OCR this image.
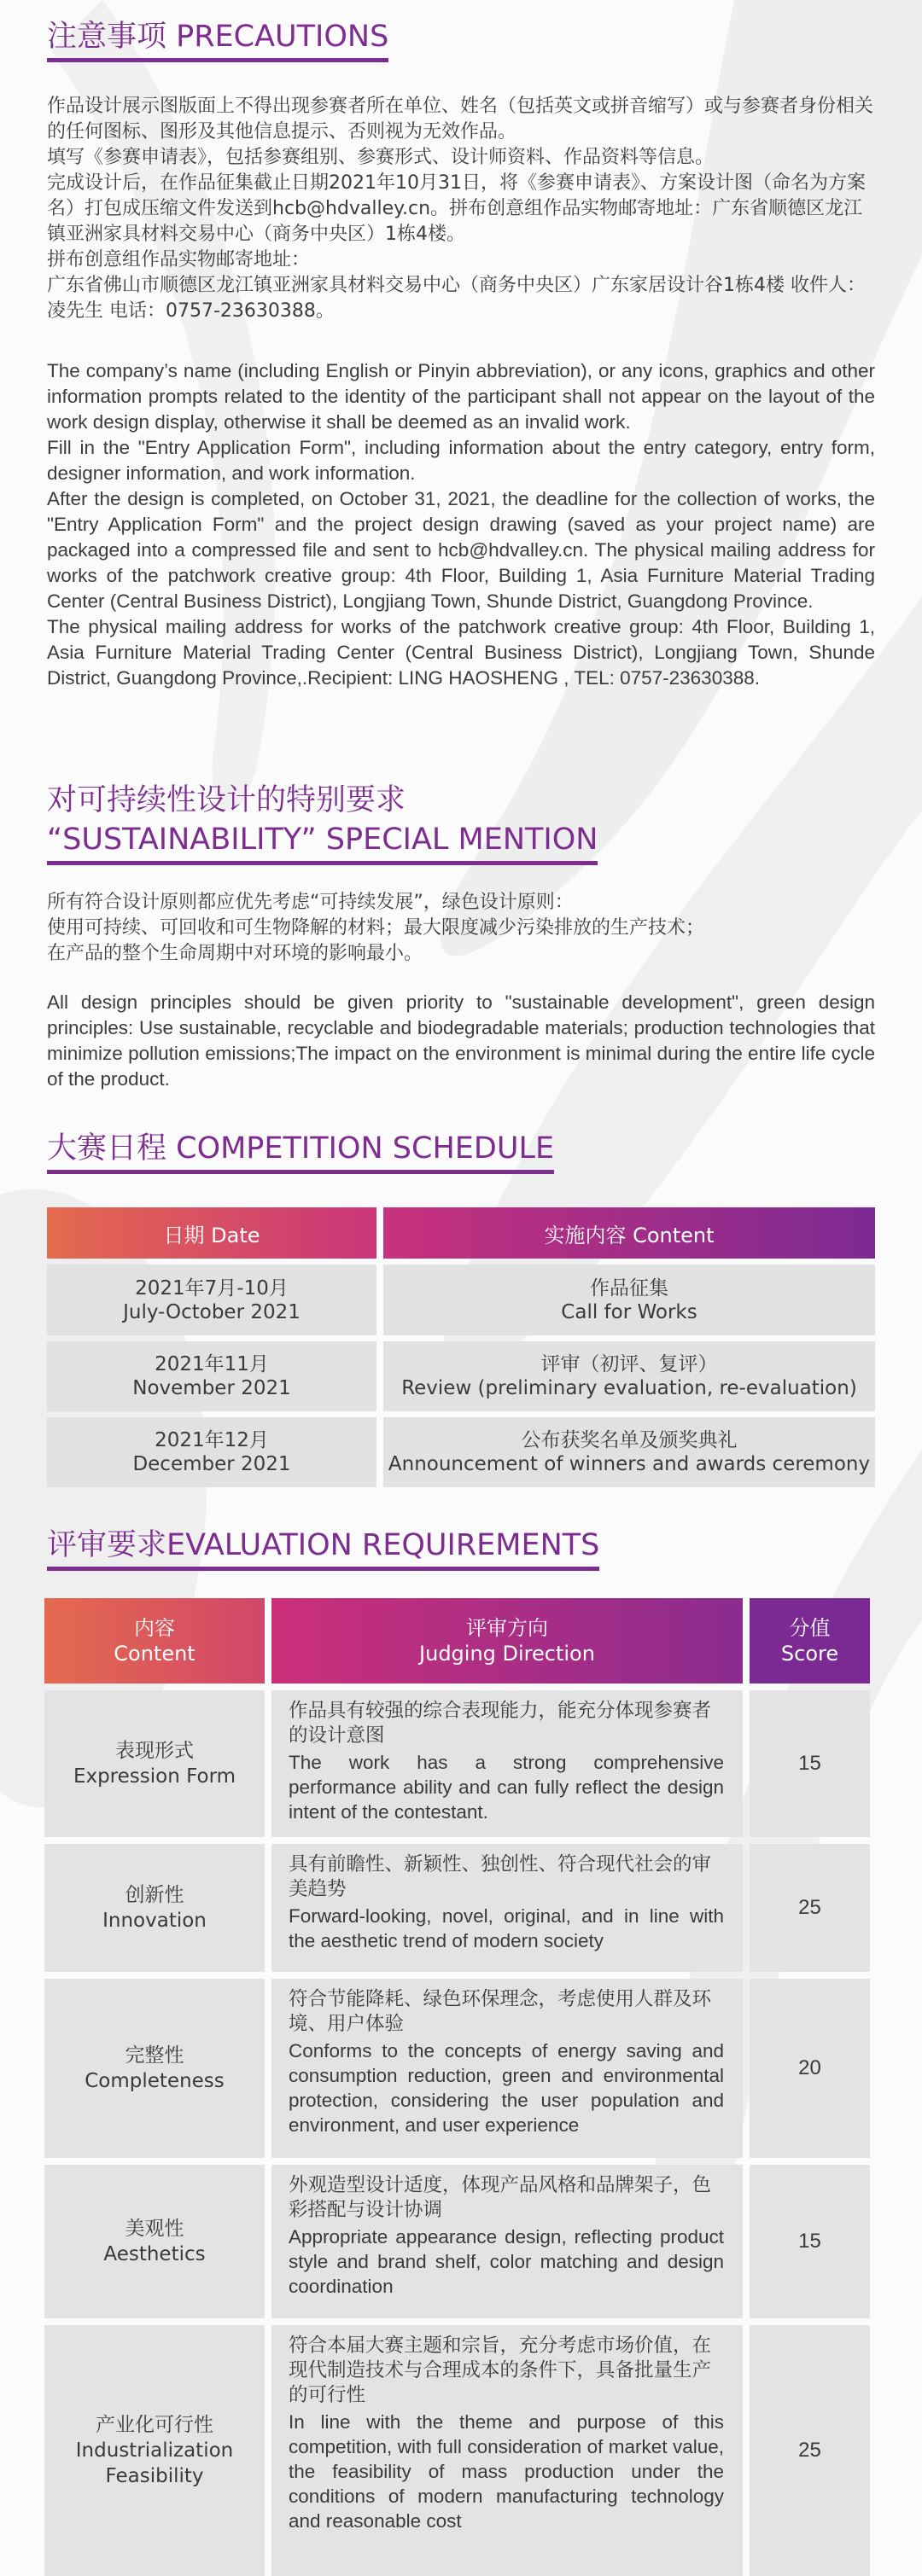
注意事项 PRECAUTIONS

作品设计展示图版面上不得出现参赛者所在单位、姓名（包括英文或拼音缩写）或与参赛者身份相关的任何图标、图形及其他信息提示、否则视为无效作品。

填写《参赛申请表》，包括参赛组别、参赛形式、设计师资料、作品资料等信息。

完成设计后，在作品征集截止日期2021年10月31日，将《参赛申请表》、方案设计图（命名为方案名）打包成压缩文件发送到hcb@hdvalley.cn。拼布创意组作品实物邮寄地址：广东省顺德区龙江镇亚洲家具材料交易中心（商务中央区）1栋4楼。

拼布创意组作品实物邮寄地址：

广东省佛山市顺德区龙江镇亚洲家具材料交易中心（商务中央区）广东家居设计谷1栋4楼 收件人：凌先生 电话：0757-23630388。

The company’s name (including English or Pinyin abbreviation), or any icons, graphics and other information prompts related to the identity of the participant shall not appear on the layout of the work design display, otherwise it shall be deemed as an invalid work.

Fill in the "Entry Application Form", including information about the entry category, entry form, designer information, and work information.

After the design is completed, on October 31, 2021, the deadline for the collection of works, the "Entry Application Form" and the project design drawing (saved as your project name) are packaged into a compressed file and sent to hcb@hdvalley.cn. The physical mailing address for works of the patchwork creative group: 4th Floor, Building 1, Asia Furniture Material Trading Center (Central Business District), Longjiang Town, Shunde District, Guangdong Province.

The physical mailing address for works of the patchwork creative group: 4th Floor, Building 1, Asia Furniture Material Trading Center (Central Business District), Longjiang Town, Shunde District, Guangdong Province,.Recipient: LING HAOSHENG , TEL: 0757-23630388.

对可持续性设计的特别要求
“SUSTAINABILITY” SPECIAL MENTION

所有符合设计原则都应优先考虑“可持续发展”，绿色设计原则：

使用可持续、可回收和可生物降解的材料；最大限度减少污染排放的生产技术；

在产品的整个生命周期中对环境的影响最小。

All design principles should be given priority to "sustainable development", green design principles: Use sustainable, recyclable and biodegradable materials; production technologies that minimize pollution emissions;The impact on the environment is minimal during the entire life cycle of the product.

大赛日程 COMPETITION SCHEDULE
日期 Date	实施内容 Content
2021年7月-10月
July-October 2021
作品征集
Call for Works
2021年11月
November 2021
评审（初评、复评）
Review (preliminary evaluation, re-evaluation)
2021年12月
December 2021
公布获奖名单及颁奖典礼
Announcement of winners and awards ceremony
评审要求EVALUATION REQUIREMENTS
内容
Content
评审方向
Judging Direction
分值
Score
表现形式
Expression Form
作品具有较强的综合表现能力，能充分体现参赛者的设计意图
The work has a strong comprehensive performance ability and can fully reflect the design intent of the contestant.
15
创新性
Innovation
具有前瞻性、新颖性、独创性、符合现代社会的审美趋势
Forward-looking, novel, original, and in line with the aesthetic trend of modern society
25
完整性
Completeness
符合节能降耗、绿色环保理念，考虑使用人群及环境、用户体验
Conforms to the concepts of energy saving and consumption reduction, green and environmental protection, considering the user population and environment, and user experience
20
美观性
Aesthetics
外观造型设计适度，体现产品风格和品牌架子，色彩搭配与设计协调
Appropriate appearance design, reflecting product style and brand shelf, color matching and design coordination
15
产业化可行性
Industrialization Feasibility
符合本届大赛主题和宗旨，充分考虑市场价值，在现代制造技术与合理成本的条件下，具备批量生产的可行性
In line with the theme and purpose of this competition, with full consideration of market value, the feasibility of mass production under the conditions of modern manufacturing technology and reasonable cost
25
